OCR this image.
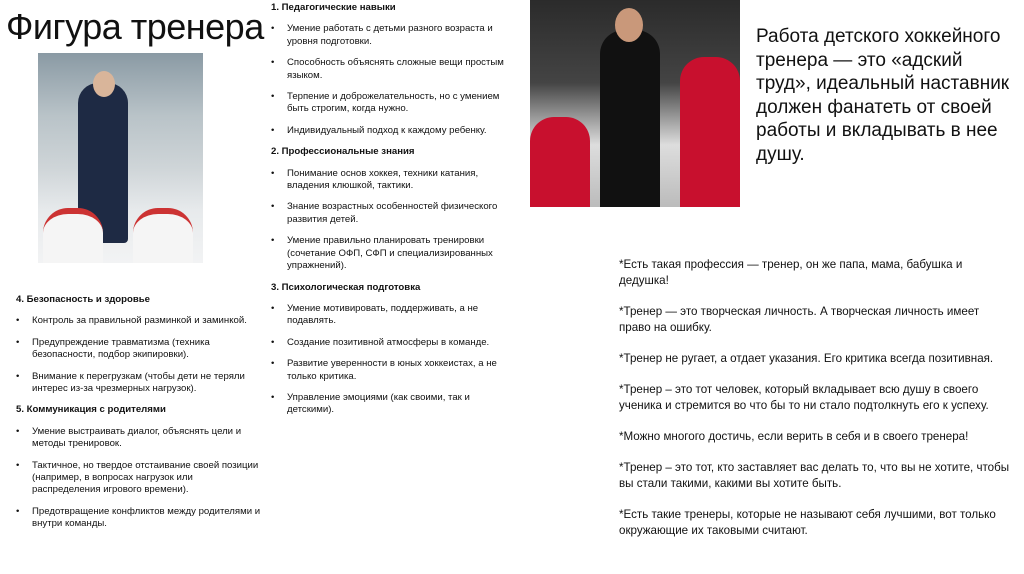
Фигура тренера 1. Педагогические навыки
• Умение работать с детьми разного возраста и уровня подготовки.
• Способность объяснять сложные вещи простым языком.
• Терпение и доброжелательность, но с умением быть строгим, когда нужно.
• Индивидуальный подход к каждому ребенку.
2. Профессиональные знания
• Понимание основ хоккея, техники катания, владения клюшкой, тактики.
• Знание возрастных особенностей физического развития детей.
• Умение правильно планировать тренировки (сочетание ОФП, СФП и специализированных упражнений).
3. Психологическая подготовка
• Умение мотивировать, поддерживать, а не подавлять.
• Создание позитивной атмосферы в команде.
• Развитие уверенности в юных хоккеистах, а не только критика.
• Управление эмоциями (как своими, так и детскими).
4. Безопасность и здоровье
• Контроль за правильной разминкой и заминкой.
• Предупреждение травматизма (техника безопасности, подбор экипировки).
• Внимание к перегрузкам (чтобы дети не теряли интерес из-за чрезмерных нагрузок).
5. Коммуникация с родителями
• Умение выстраивать диалог, объяснять цели и методы тренировок.
• Тактичное, но твердое отстаивание своей позиции (например, в вопросах нагрузок или распределения игрового времени).
• Предотвращение конфликтов между родителями и внутри команды.
Работа детского хоккейного тренера — это «адский труд», идеальный наставник должен фанатеть от своей работы и вкладывать в нее душу.

*Есть такая профессия — тренер, он же папа, мама, бабушка и дедушка!

*Тренер — это творческая личность. А творческая личность имеет право на ошибку.

*Тренер не ругает, а отдает указания. Его критика всегда позитивная.

*Тренер – это тот человек, который вкладывает всю душу в своего ученика и стремится во что бы то ни стало подтолкнуть его к успеху.

*Можно многого достичь, если верить в себя и в своего тренера!

*Тренер – это тот, кто заставляет вас делать то, что вы не хотите, чтобы вы стали такими, какими вы хотите быть.

*Есть такие тренеры, которые не называют себя лучшими, вот только окружающие их таковыми считают.
